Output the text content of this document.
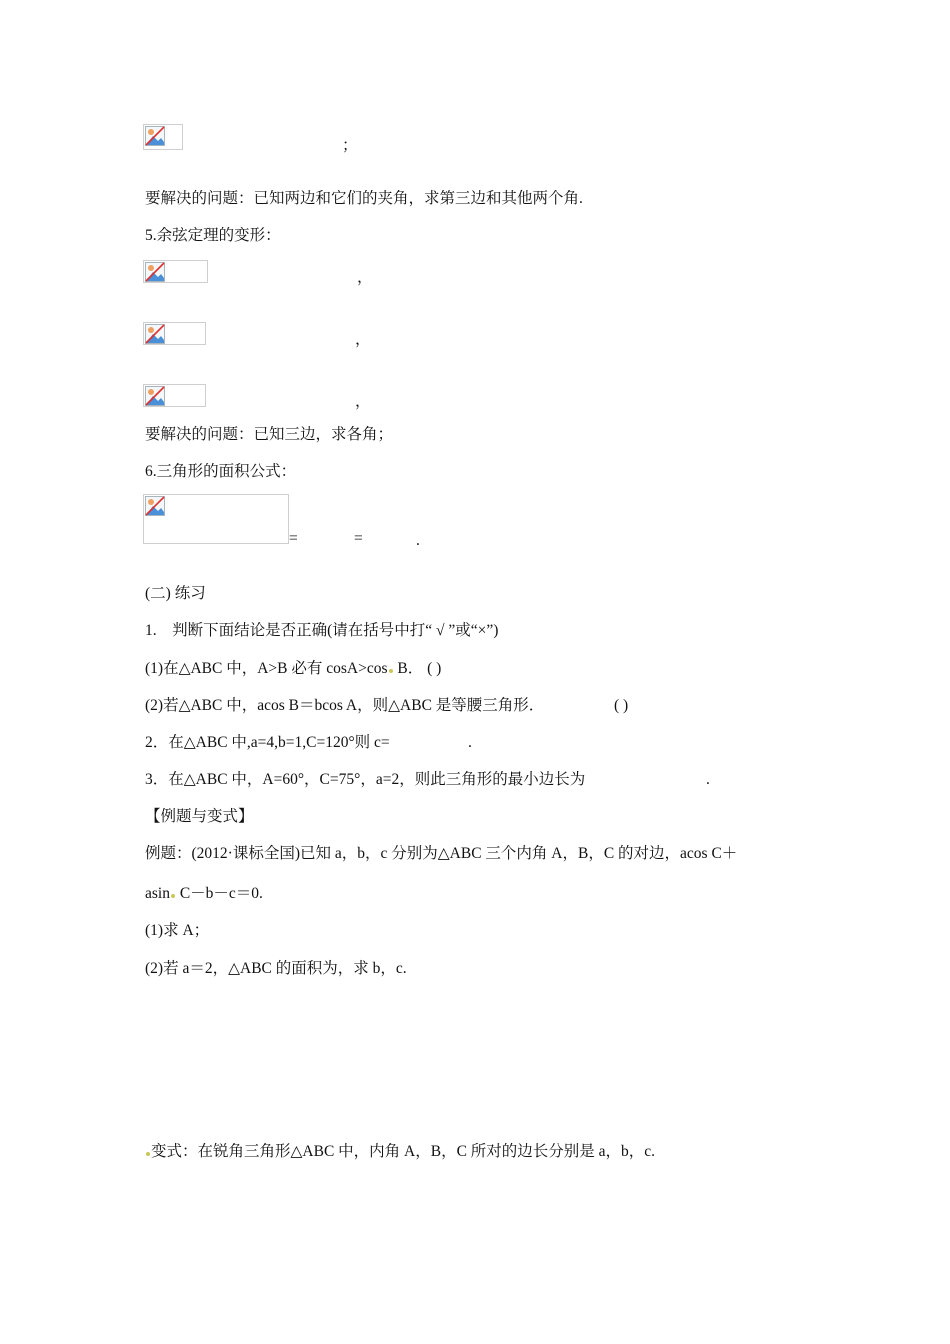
；
要解决的问题：已知两边和它们的夹角，求第三边和其他两个角.
5.余弦定理的变形：
，
，
，
要解决的问题：已知三边，求各角；
6.三角形的面积公式：
=	=	.
(二) 练习
1.　判断下面结论是否正确(请在括号中打“ √ ”或“×”)
(1)在△ABC 中，A>B 必有 cosA>cos B． ( )
(2)若△ABC 中，acos B＝bcos A，则△ABC 是等腰三角形．	( )
2．在△ABC 中,a=4,b=1,C=120°则 c=	.
3．在△ABC 中，A=60°，C=75°，a=2，则此三角形的最小边长为	.
【例题与变式】
例题：(2012·课标全国)已知 a，b，c 分别为△ABC 三个内角 A，B，C 的对边，acos C＋
asin C－b－c＝0.
(1)求 A；
(2)若 a＝2，△ABC 的面积为，求 b，c.
变式：在锐角三角形△ABC 中，内角 A，B，C 所对的边长分别是 a，b，c.
